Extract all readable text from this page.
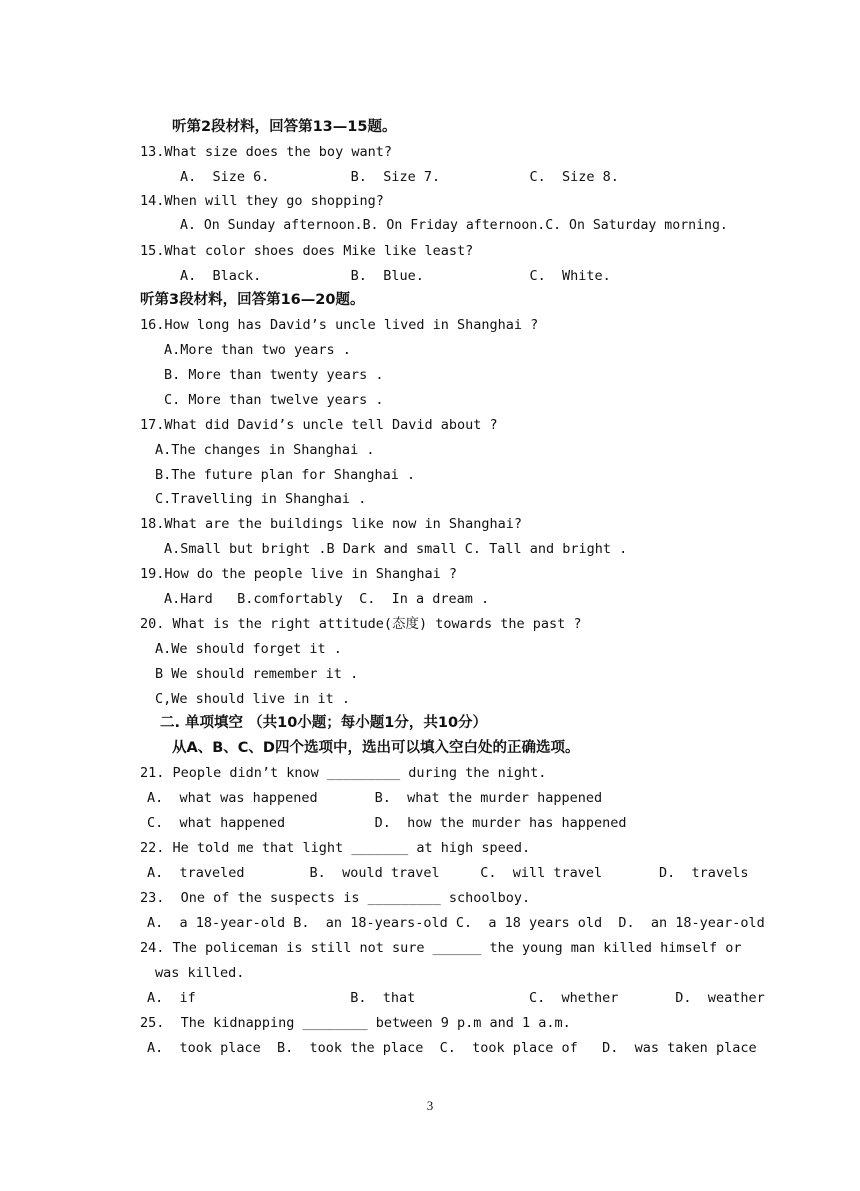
听第2段材料，回答第13—15题。
13.What size does the boy want?
A.  Size 6.          B.  Size 7.           C.  Size 8.
14.When will they go shopping?
A. On Sunday afternoon.B. On Friday afternoon.C. On Saturday morning.
15.What color shoes does Mike like least?
A.  Black.           B.  Blue.             C.  White.
听第3段材料，回答第16—20题。
16.How long has David’s uncle lived in Shanghai ?
A.More than two years .
B. More than twenty years .
C. More than twelve years .
17.What did David’s uncle tell David about ?
A.The changes in Shanghai .
B.The future plan for Shanghai .
C.Travelling in Shanghai .
18.What are the buildings like now in Shanghai?
A.Small but bright .B Dark and small C. Tall and bright .
19.How do the people live in Shanghai ?
A.Hard   B.comfortably  C.  In a dream .
20. What is the right attitude(态度) towards the past ?
A.We should forget it .
B We should remember it .
C,We should live in it .
二. 单项填空 （共10小题；每小题1分，共10分）
从A、B、C、D四个选项中，选出可以填入空白处的正确选项。
21. People didn’t know _________ during the night.
A.  what was happened       B.  what the murder happened
C.  what happened           D.  how the murder has happened
22. He told me that light _______ at high speed.
A.  traveled        B.  would travel     C.  will travel       D.  travels
23.  One of the suspects is _________ schoolboy.
A.  a 18-year-old B.  an 18-years-old C.  a 18 years old  D.  an 18-year-old
24. The policeman is still not sure ______ the young man killed himself or
was killed.
A.  if                   B.  that              C.  whether       D.  weather
25.  The kidnapping ________ between 9 p.m and 1 a.m.
A.  took place  B.  took the place  C.  took place of   D.  was taken place
3
